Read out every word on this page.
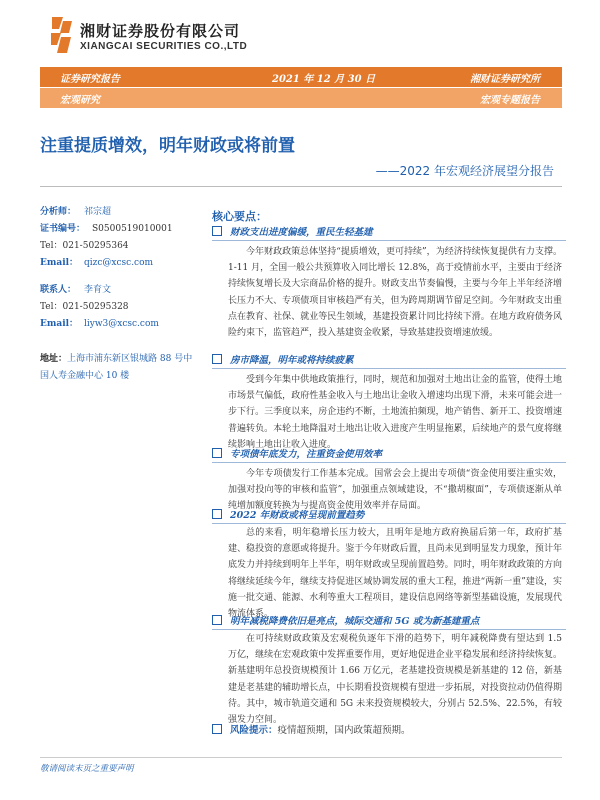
湘财证券股份有限公司
XIANGCAI SECURITIES CO.,LTD
证券研究报告	2021 年 12 月 30 日	湘财证券研究所
宏观研究	宏观专题报告
注重提质增效，明年财政或将前置
——2022 年宏观经济展望分报告
分析师： 祁宗超
证书编号： S0500519010001
Tel：021-50295364
Email： qizc@xcsc.com
联系人： 李育文
Tel：021-50295328
Email： liyw3@xcsc.com
地址：上海市浦东新区银城路 88 号中国人寿金融中心 10 楼
核心要点：
财政支出进度偏缓，重民生轻基建
今年财政政策总体坚持“提质增效，更可持续”，为经济持续恢复提供有力支撑。1-11 月，全国一般公共预算收入同比增长 12.8%，高于疫情前水平，主要由于经济持续恢复增长及大宗商品价格的提升。财政支出节奏偏慢，主要与今年上半年经济增长压力不大、专项债项目审核趋严有关，但为跨周期调节留足空间。今年财政支出重点在教育、社保、就业等民生领域，基建投资累计同比持续下滑。在地方政府债务风险约束下，监管趋严，投入基建资金收紧，导致基建投资增速放缓。
房市降温，明年或将持续疲累
受到今年集中供地政策推行，同时，规范和加强对土地出让金的监管，使得土地市场景气偏低，政府性基金收入与土地出让金收入增速均出现下滑，未来可能会进一步下行。三季度以来，房企违约不断，土地流拍频现，地产销售、新开工、投资增速普遍转负。本轮土地降温对土地出让收入进度产生明显拖累，后续地产的景气度将继续影响土地出让收入进度。
专项债年底发力，注重资金使用效率
今年专项债发行工作基本完成。国常会会上提出专项债“资金使用要注重实效，加强对投向等的审核和监管”，加强重点领域建设，不“撒胡椒面”，专项债逐渐从单纯增加额度转换为与提高资金使用效率并存局面。
2022 年财政或将呈现前置趋势
总的来看，明年稳增长压力较大，且明年是地方政府换届后第一年，政府扩基建、稳投资的意愿或将提升。鉴于今年财政后置，且尚未见到明显发力现象，预计年底发力并持续到明年上半年，明年财政或呈现前置趋势。同时，明年财政政策的方向将继续延续今年，继续支持促进区域协调发展的重大工程，推进“两新一重”建设，实施一批交通、能源、水利等重大工程项目，建设信息网络等新型基础设施，发展现代物流体系。
明年减税降费依旧是亮点，城际交通和 5G 或为新基建重点
在可持续财政政策及宏观税负逐年下滑的趋势下，明年减税降费有望达到 1.5 万亿，继续在宏观政策中发挥重要作用，更好地促进企业平稳发展和经济持续恢复。新基建明年总投资规模预计 1.66 万亿元，老基建投资规模是新基建的 12 倍，新基建是老基建的辅助增长点，中长期看投资规模有望进一步拓展，对投资拉动仍值得期待。其中，城市轨道交通和 5G 未来投资规模较大，分别占 52.5%、22.5%，有较强发力空间。
风险提示：疫情超预期，国内政策超预期。
敬请阅读末页之重要声明
